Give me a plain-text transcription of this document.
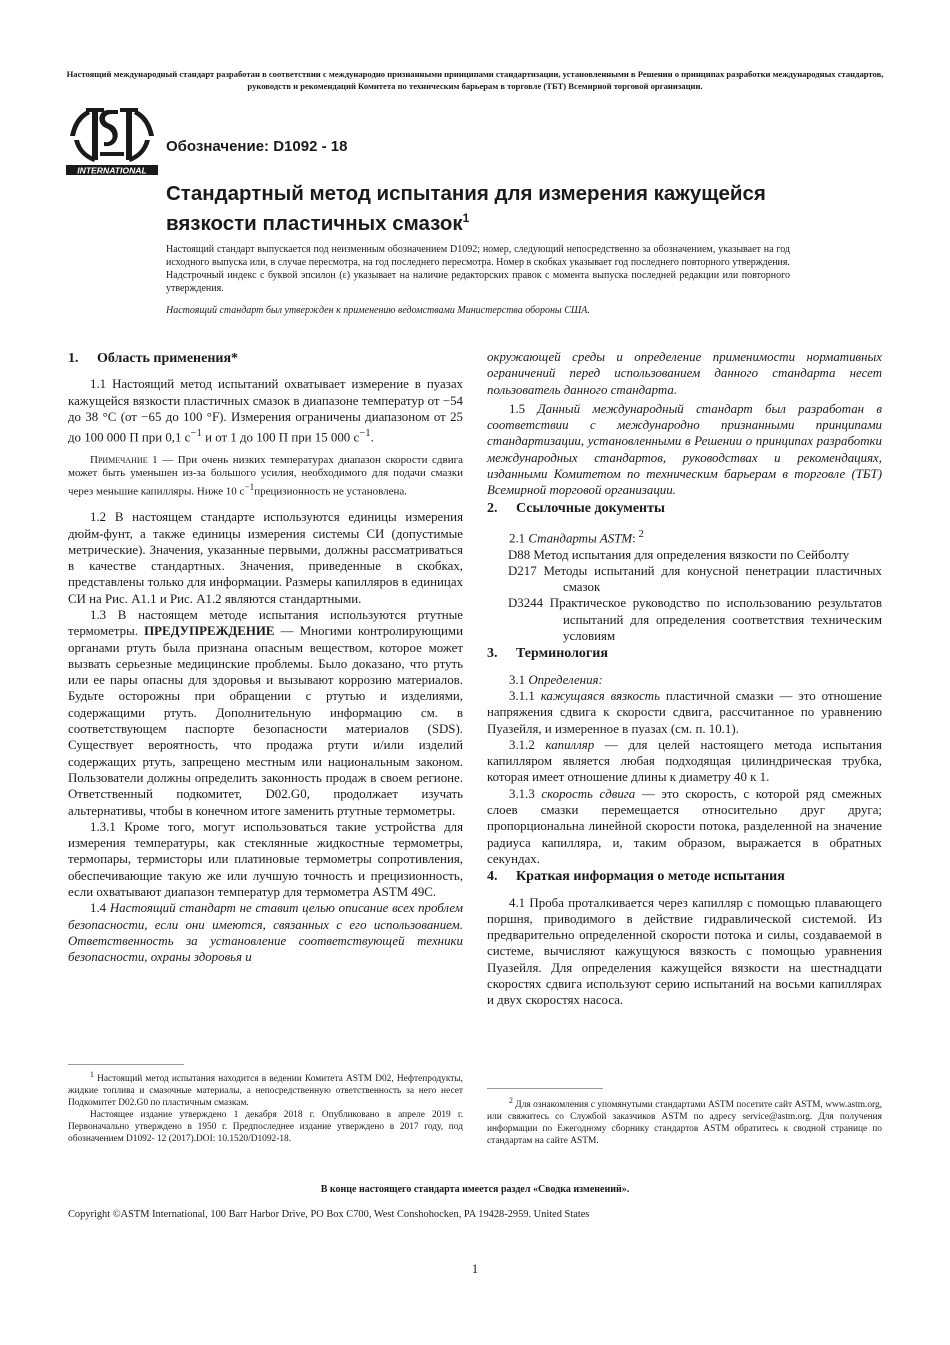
Настоящий международный стандарт разработан в соответствии с международно признанными принципами стандартизации, установленными в Решении о принципах разработки международных стандартов, руководств и рекомендаций Комитета по техническим барьерам в торговле (ТБТ) Всемирной торговой организации.
INTERNATIONAL
Обозначение: D1092 - 18
Стандартный метод испытания для измерения кажущейся вязкости пластичных смазок$^1$
Настоящий стандарт выпускается под неизменным обозначением D1092; номер, следующий непосредственно за обозначением, указывает на год исходного выпуска или, в случае пересмотра, на год последнего пересмотра. Номер в скобках указывает год последнего повторного утверждения. Надстрочный индекс с буквой эпсилон (ε) указывает на наличие редакторских правок с момента выпуска последней редакции или повторного утверждения.
Настоящий стандарт был утвержден к применению ведомствами Министерства обороны США.

1. Область применения*

1.1 Настоящий метод испытаний охватывает измерение в пуазах кажущейся вязкости пластичных смазок в диапазоне температур от −54 до 38 °С (от −65 до 100 °F). Измерения ограничены диапазоном от 25 до 100 000 П при 0,1 $с^{-1}$ и от 1 до 100 П при 15 000 $с^{-1}$.

Примечание 1 — При очень низких температурах диапазон скорости сдвига может быть уменьшен из-за большого усилия, необходимого для подачи смазки через меньшие капилляры. Ниже 10 $с^{-1}прецизионность$ не установлена.

1.2 В настоящем стандарте используются единицы измерения дюйм-фунт, а также единицы измерения системы СИ (допустимые метрические). Значения, указанные первыми, должны рассматриваться в качестве стандартных. Значения, приведенные в скобках, представлены только для информации. Размеры капилляров в единицах СИ на Рис. A1.1 и Рис. A1.2 являются стандартными.

1.3 В настоящем методе испытания используются ртутные термометры. ПРЕДУПРЕЖДЕНИЕ — Многими контролирующими органами ртуть была признана опасным веществом, которое может вызвать серьезные медицинские проблемы. Было доказано, что ртуть или ее пары опасны для здоровья и вызывают коррозию материалов. Будьте осторожны при обращении с ртутью и изделиями, содержащими ртуть. Дополнительную информацию см. в соответствующем паспорте безопасности материалов (SDS). Существует вероятность, что продажа ртути и/или изделий содержащих ртуть, запрещено местным или национальным законом. Пользователи должны определить законность продаж в своем регионе. Ответственный подкомитет, D02.G0, продолжает изучать альтернативы, чтобы в конечном итоге заменить ртутные термометры.

1.3.1 Кроме того, могут использоваться такие устройства для измерения температуры, как стеклянные жидкостные термометры, термопары, термисторы или платиновые термометры сопротивления, обеспечивающие такую же или лучшую точность и прецизионность, если охватывают диапазон температур для термометра ASTM 49C.

1.4 Настоящий стандарт не ставит целью описание всех проблем безопасности, если они имеются, связанных с его использованием. Ответственность за установление соответствующей техники безопасности, охраны здоровья и

$^1$ Настоящий метод испытания находится в ведении Комитета ASTM D02, Нефтепродукты, жидкие топлива и смазочные материалы, а непосредственную ответственность за него несет Подкомитет D02.G0 по пластичным смазкам.

Настоящее издание утверждено 1 декабря 2018 г. Опубликовано в апреле 2019 г. Первоначально утверждено в 1950 г. Предпоследнее издание утверждено в 2017 году, под обозначением D1092- 12 (2017).DOI: 10.1520/D1092-18.

окружающей среды и определение применимости нормативных ограничений перед использованием данного стандарта несет пользователь данного стандарта.

1.5 Данный международный стандарт был разработан в соответствии с международно признанными принципами стандартизации, установленными в Решении о принципах разработки международных стандартов, руководствах и рекомендациях, изданными Комитетом по техническим барьерам в торговле (ТБТ) Всемирной торговой организации.

2. Ссылочные документы

2.1 Стандарты ASTM: $^2$

D88 Метод испытания для определения вязкости по Сейболту

D217 Методы испытаний для конусной пенетрации пластичных смазок

D3244 Практическое руководство по использованию результатов испытаний для определения соответствия техническим условиям

3. Терминология

3.1 Определения:

3.1.1 кажущаяся вязкость пластичной смазки — это отношение напряжения сдвига к скорости сдвига, рассчитанное по уравнению Пуазейля, и измеренное в пуазах (см. п. 10.1).

3.1.2 капилляр — для целей настоящего метода испытания капилляром является любая подходящая цилиндрическая трубка, которая имеет отношение длины к диаметру 40 к 1.

3.1.3 скорость сдвига — это скорость, с которой ряд смежных слоев смазки перемещается относительно друг друга; пропорциональна линейной скорости потока, разделенной на значение радиуса капилляра, и, таким образом, выражается в обратных секундах.

4. Краткая информация о методе испытания

4.1 Проба проталкивается через капилляр с помощью плавающего поршня, приводимого в действие гидравлической системой. Из предварительно определенной скорости потока и силы, создаваемой в системе, вычисляют кажущуюся вязкость с помощью уравнения Пуазейля. Для определения кажущейся вязкости на шестнадцати скоростях сдвига используют серию испытаний на восьми капиллярах и двух скоростях насоса.

$^2$ Для ознакомления с упомянутыми стандартами ASTM посетите сайт ASTM, www.astm.org, или свяжитесь со Службой заказчиков ASTM по адресу service@astm.org. Для получения информации по Ежегодному сборнику стандартов ASTM обратитесь к сводной странице по стандартам на сайте ASTM.

В конце настоящего стандарта имеется раздел «Сводка изменений».
Copyright ©ASTM International, 100 Barr Harbor Drive, PO Box C700, West Conshohocken, PA 19428-2959. United States
1
